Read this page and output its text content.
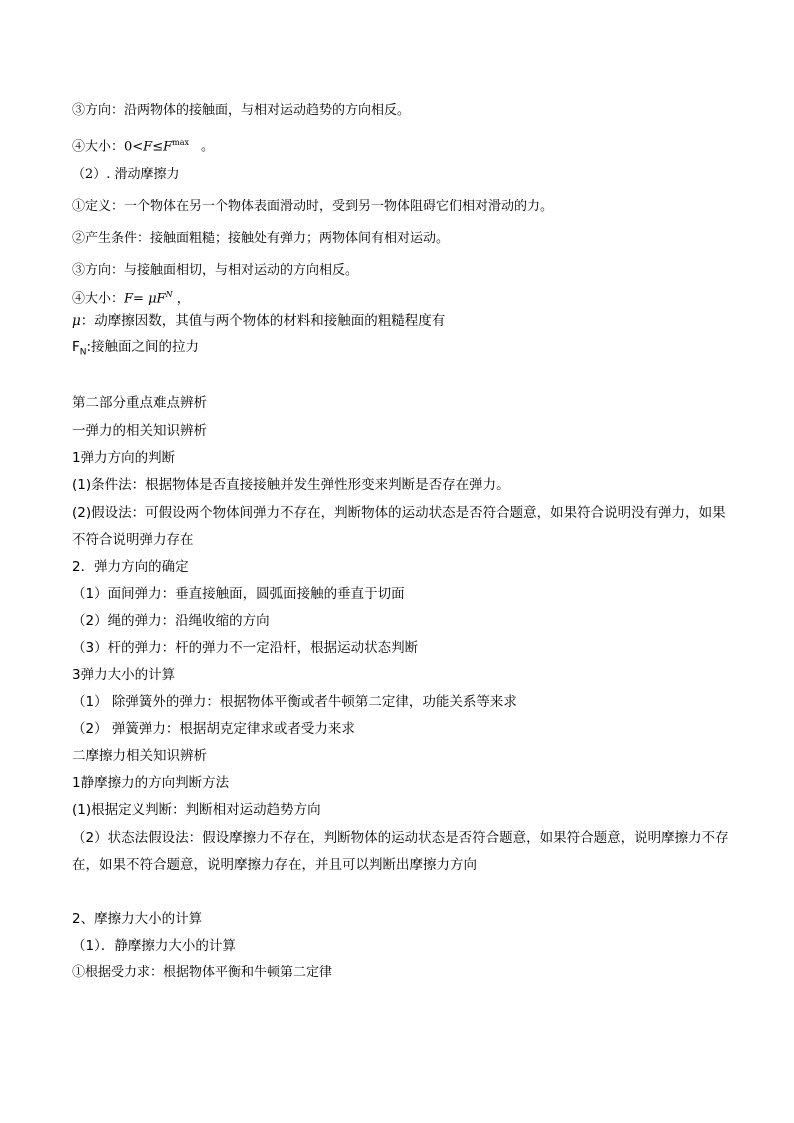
③方向：沿两物体的接触面，与相对运动趋势的方向相反。
④大小：$0<F\le F^{max}$ 。
（2）. 滑动摩擦力
①定义：一个物体在另一个物体表面滑动时，受到另一物体阻碍它们相对滑动的力。
②产生条件：接触面粗糙；接触处有弹力；两物体间有相对运动。
③方向：与接触面相切，与相对运动的方向相反。
④大小：$F= \mu F^N$ ，
μ：动摩擦因数，其值与两个物体的材料和接触面的粗糙程度有
$F_N$:接触面之间的拉力
第二部分重点难点辨析
一弹力的相关知识辨析
1弹力方向的判断
(1)条件法：根据物体是否直接接触并发生弹性形变来判断是否存在弹力。
(2)假设法：可假设两个物体间弹力不存在，判断物体的运动状态是否符合题意，如果符合说明没有弹力，如果不符合说明弹力存在
2．弹力方向的确定
（1）面间弹力：垂直接触面，圆弧面接触的垂直于切面
（2）绳的弹力：沿绳收缩的方向
（3）杆的弹力：杆的弹力不一定沿杆，根据运动状态判断
3弹力大小的计算
（1） 除弹簧外的弹力：根据物体平衡或者牛顿第二定律，功能关系等来求
（2） 弹簧弹力：根据胡克定律求或者受力来求
二摩擦力相关知识辨析
1静摩擦力的方向判断方法
(1)根据定义判断：判断相对运动趋势方向
（2）状态法假设法：假设摩擦力不存在，判断物体的运动状态是否符合题意，如果符合题意，说明摩擦力不存在，如果不符合题意，说明摩擦力存在，并且可以判断出摩擦力方向
2、摩擦力大小的计算
（1）．静摩擦力大小的计算
①根据受力求：根据物体平衡和牛顿第二定律
